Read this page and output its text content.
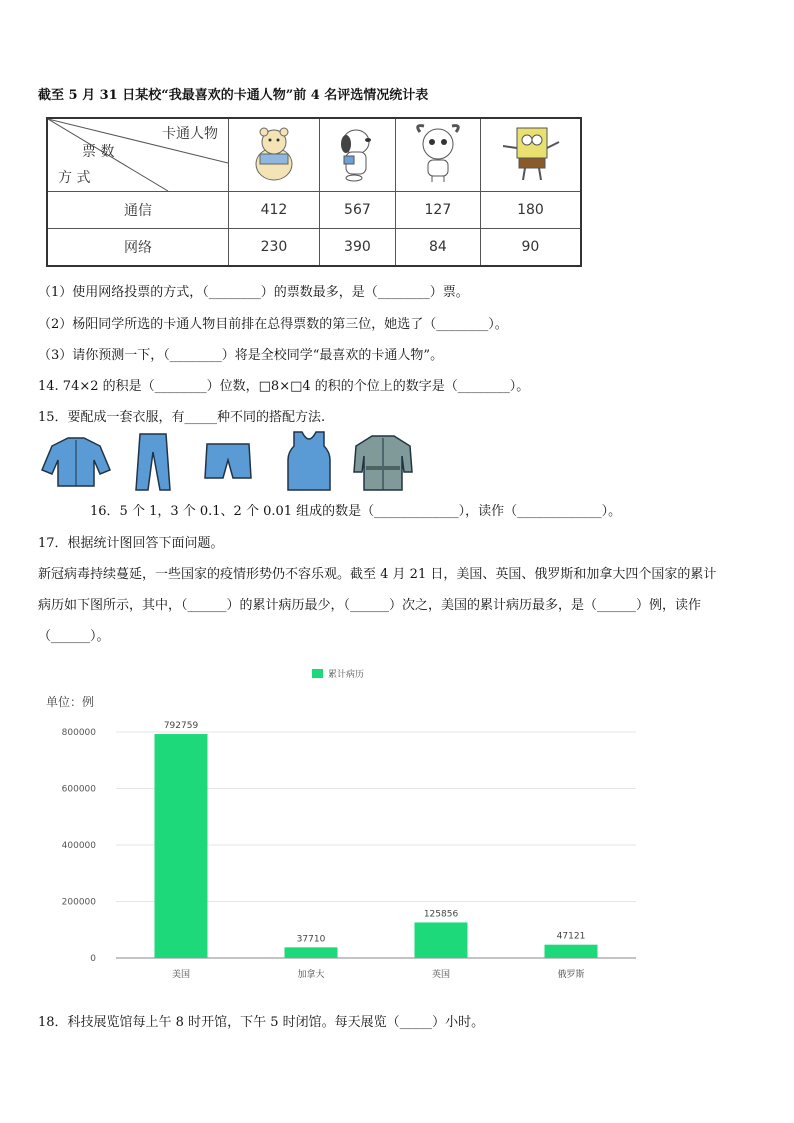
截至 5 月 31 日某校“我最喜欢的卡通人物”前 4 名评选情况统计表
卡通人物
票 数
方 式

通信	412	567	127	180
网络	230	390	84	90
（1）使用网络投票的方式，（________）的票数最多，是（________）票。
（2）杨阳同学所选的卡通人物目前排在总得票数的第三位，她选了（________）。
（3）请你预测一下，（________）将是全校同学“最喜欢的卡通人物”。
14. 74×2 的积是（________）位数，□8×□4 的积的个位上的数字是（________）。
15．要配成一套衣服，有_____种不同的搭配方法.
16．5 个 1，3 个 0.1、2 个 0.01 组成的数是（_____________），读作（_____________）。
17．根据统计图回答下面问题。
新冠病毒持续蔓延，一些国家的疫情形势仍不容乐观。截至 4 月 21 日，美国、英国、俄罗斯和加拿大四个国家的累计
病历如下图所示，其中，（______）的累计病历最少，（______）次之，美国的累计病历最多，是（______）例，读作
（______）。
累计病历
单位：例
0
200000
400000
600000
800000
792759
37710
125856
47121
美国	加拿大	英国	俄罗斯
18．科技展览馆每上午 8 时开馆，下午 5 时闭馆。每天展览（_____）小时。
